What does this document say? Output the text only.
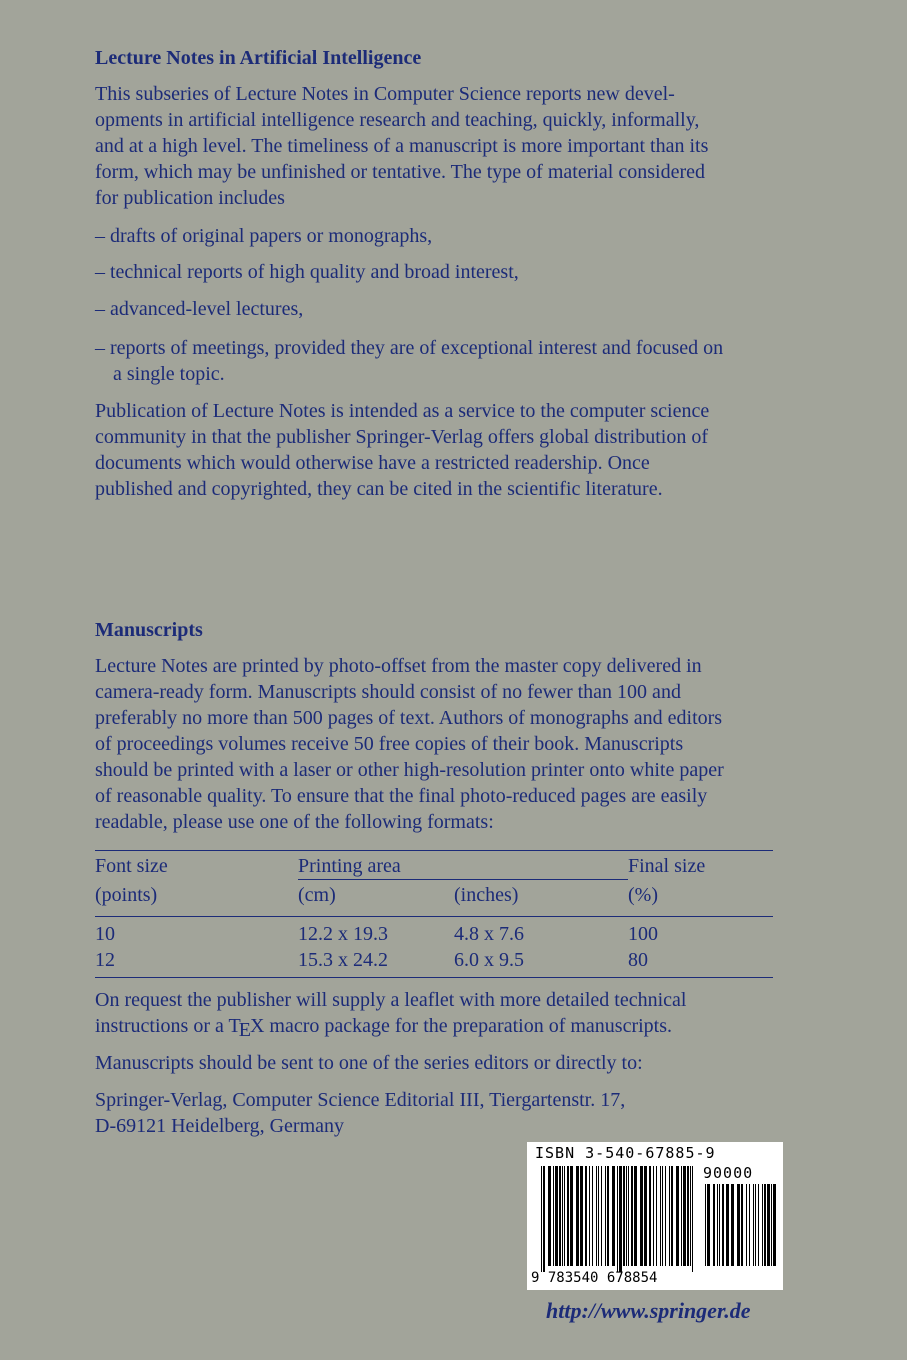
Lecture Notes in Artificial Intelligence
This subseries of Lecture Notes in Computer Science reports new devel-
opments in artificial intelligence research and teaching, quickly, informally,
and at a high level. The timeliness of a manuscript is more important than its
form, which may be unfinished or tentative. The type of material considered
for publication includes

– drafts of original papers or monographs,

– technical reports of high quality and broad interest,

– advanced-level lectures,

– reports of meetings, provided they are of exceptional interest and focused on
a single topic.
Publication of Lecture Notes is intended as a service to the computer science
community in that the publisher Springer-Verlag offers global distribution of
documents which would otherwise have a restricted readership. Once
published and copyrighted, they can be cited in the scientific literature.
Manuscripts
Lecture Notes are printed by photo-offset from the master copy delivered in
camera-ready form. Manuscripts should consist of no fewer than 100 and
preferably no more than 500 pages of text. Authors of monographs and editors
of proceedings volumes receive 50 free copies of their book. Manuscripts
should be printed with a laser or other high-resolution printer onto white paper
of reasonable quality. To ensure that the final photo-reduced pages are easily
readable, please use one of the following formats:
Font size	Printing area		Final size
(points)	(cm)	(inches)	(%)
10	12.2 x 19.3	4.8 x 7.6	100
12	15.3 x 24.2	6.0 x 9.5	80
On request the publisher will supply a leaflet with more detailed technical
instructions or a TEX macro package for the preparation of manuscripts.

Manuscripts should be sent to one of the series editors or directly to:

Springer-Verlag, Computer Science Editorial III, Tiergartenstr. 17,
D-69121 Heidelberg, Germany
ISBN 3-540-67885-9
90000
9 783540 678854
http://www.springer.de
